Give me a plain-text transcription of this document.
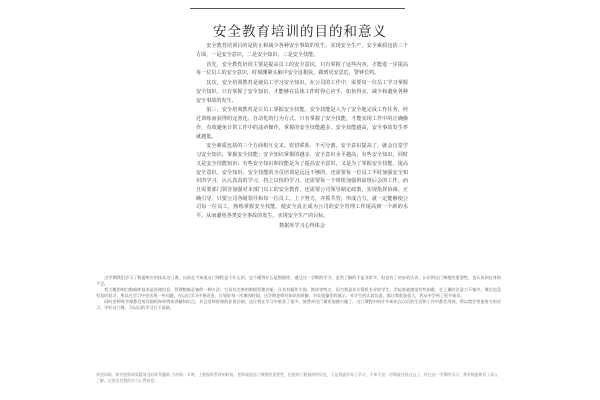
安全教育培训的目的和意义

安全教育培训目的是防止和减少各种安全事故的发生，实现安全生产。安全素质包括三个方面，一是安全意识，二是安全知识，三是安全技能。

首先，安全教育培训主要是提高员工的安全意识，只有掌握了这些内容，才能进一步提高每一位员工的安全意识，时刻绷紧头脑中安全这根弦，做到居安思危，警钟长鸣。

其次，安全培训教育是使员工学习安全知识，在公司的工作中，需要每一位员工学习掌握安全知识，只有掌握了安全知识，才能够在具体工作时得心应手，如鱼得水，减少和避免各种安全事故的发生。

第三，安全培训教育是让员工掌握安全技能。安全技能是人为了安全地完成工作任务，经过训练而获得的完善化、自动化的行为方式。只有掌握了安全技能，才能实现工作中的正确操作，有效避免日常工作中的违章操作，掌握的安全技能越多，安全技能越高，安全事故发生率就越低。

安全素质包括的三个方面相互交叉、密切联系，不可分割。安全意识提高了，就会自觉学习安全知识，掌握安全技能；安全知识掌握的越多，安全意识水平越高；有些安全知识，同时又是安全技能知识；有些安全知识和技能是为了提高安全意识，又是为了掌握安全技能。提高安全意识、安全知识、安全技能的全员培训是远远不够的，还需要每一位员工平时加强安全知识的学习，认认真真的学习，持之以恒的学习，还需要每一个班组加强班前班后会的工作，而且需要部门领导加强对本部门员工的安全教育，还需要公司领导制定政策，实现指挥协调、正确引导，只要公司各级领导和每一位员工，上下努力，齐抓共管，形成合力，就一定能够使公司每一位员工，熟练掌握安全技能，使安全真正成为公司的安全管理工作提高到一个新的水平，从而避免各类安全事故的发生，实现安全生产的目标。

数据库学习心得体会

过学期我们学习了数据库应用技术这门课，以前在不知道这门课程是干什么的，也不懂得什么是数据库，通过这一学期的学习，虽然了解的不是非常多，但也有了初步的认识，认识到这门课程的重要性，也认识到自身的不足。

我大概的明白数据库技术是处理信息、管理数据必备的一种方法，它具有完善的数据管理功能，还具有操作方便、简单等特点，因为我是非计算机专业的学生，学起来就感觉有些困难，在上课时注意力不集中，课后也没有及时复习，所以在学习中会出现一些问题，在以后学习中要改进，计划好每一次课的时间，这学期老师对知识的讲解，对实验操作的演示，对学生的认真负责，都让我收获很大，我从中学到了很多知识。

同时老师每节课都会用详细的和举例来讲解知识点，并且老师讲课的非常仔细，也让我在学习中收获了很多，使我对这门课更加感兴趣了。这门课程中的许多知识在以后的生活和工作中都会用到，所以我会更加努力的学习，学好这门课，为以后的学习打下基础。

欢迎同网，如有侵权或质疑请及时联系删除 当初第一节课，上数据库系统的时候，老师就说这门课程的重要性，也提到了数据库的好处，于是我就开始了学习，不知不觉一学期就这样过去了，经过这一学期的学习，我对数据库有了深入了解，这里也有我的学习心得体会。
